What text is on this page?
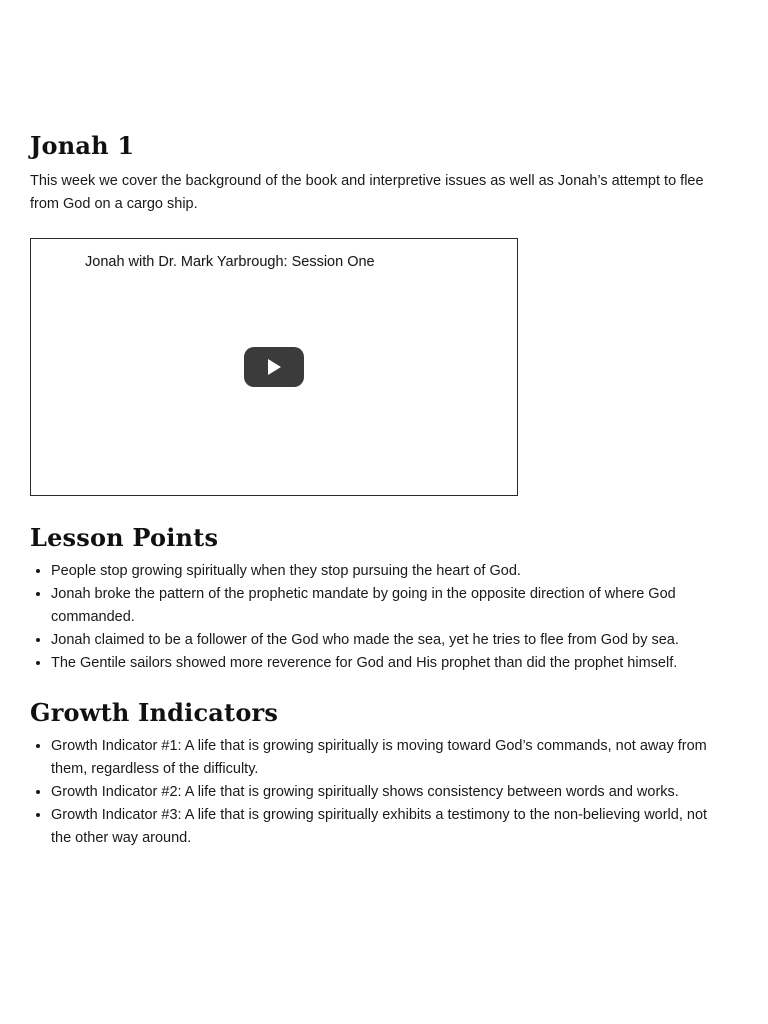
Jonah 1

This week we cover the background of the book and interpretive issues as well as Jonah’s attempt to flee from God on a cargo ship.

Jonah with Dr. Mark Yarbrough: Session One
Lesson Points
• People stop growing spiritually when they stop pursuing the heart of God.
• Jonah broke the pattern of the prophetic mandate by going in the opposite direction of where God commanded.
• Jonah claimed to be a follower of the God who made the sea, yet he tries to flee from God by sea.
• The Gentile sailors showed more reverence for God and His prophet than did the prophet himself.
Growth Indicators
• Growth Indicator #1: A life that is growing spiritually is moving toward God’s commands, not away from them, regardless of the difficulty.
• Growth Indicator #2: A life that is growing spiritually shows consistency between words and works.
• Growth Indicator #3: A life that is growing spiritually exhibits a testimony to the non-believing world, not the other way around.
